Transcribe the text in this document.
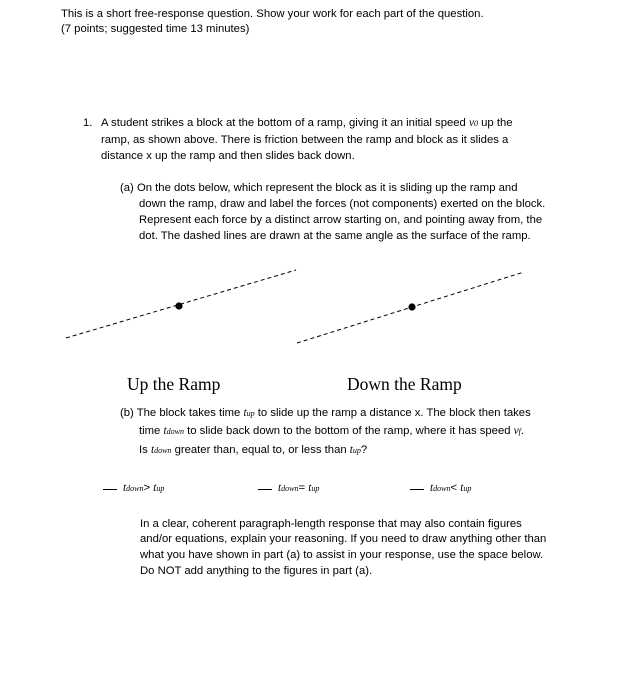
This is a short free-response question. Show your work for each part of the question.
(7 points; suggested time 13 minutes)
1. A student strikes a block at the bottom of a ramp, giving it an initial speed v0 up the
ramp, as shown above. There is friction between the ramp and block as it slides a
distance x up the ramp and then slides back down.
(a) On the dots below, which represent the block as it is sliding up the ramp and
down the ramp, draw and label the forces (not components) exerted on the block.
Represent each force by a distinct arrow starting on, and pointing away from, the
dot. The dashed lines are drawn at the same angle as the surface of the ramp.
Up the Ramp	Down the Ramp
(b) The block takes time tup to slide up the ramp a distance x. The block then takes
time tdown to slide back down to the bottom of the ramp, where it has speed vf.
Is tdown greater than, equal to, or less than tup?
tdown> tup	tdown= tup	tdown< tup
In a clear, coherent paragraph-length response that may also contain figures
and/or equations, explain your reasoning. If you need to draw anything other than
what you have shown in part (a) to assist in your response, use the space below.
Do NOT add anything to the figures in part (a).
